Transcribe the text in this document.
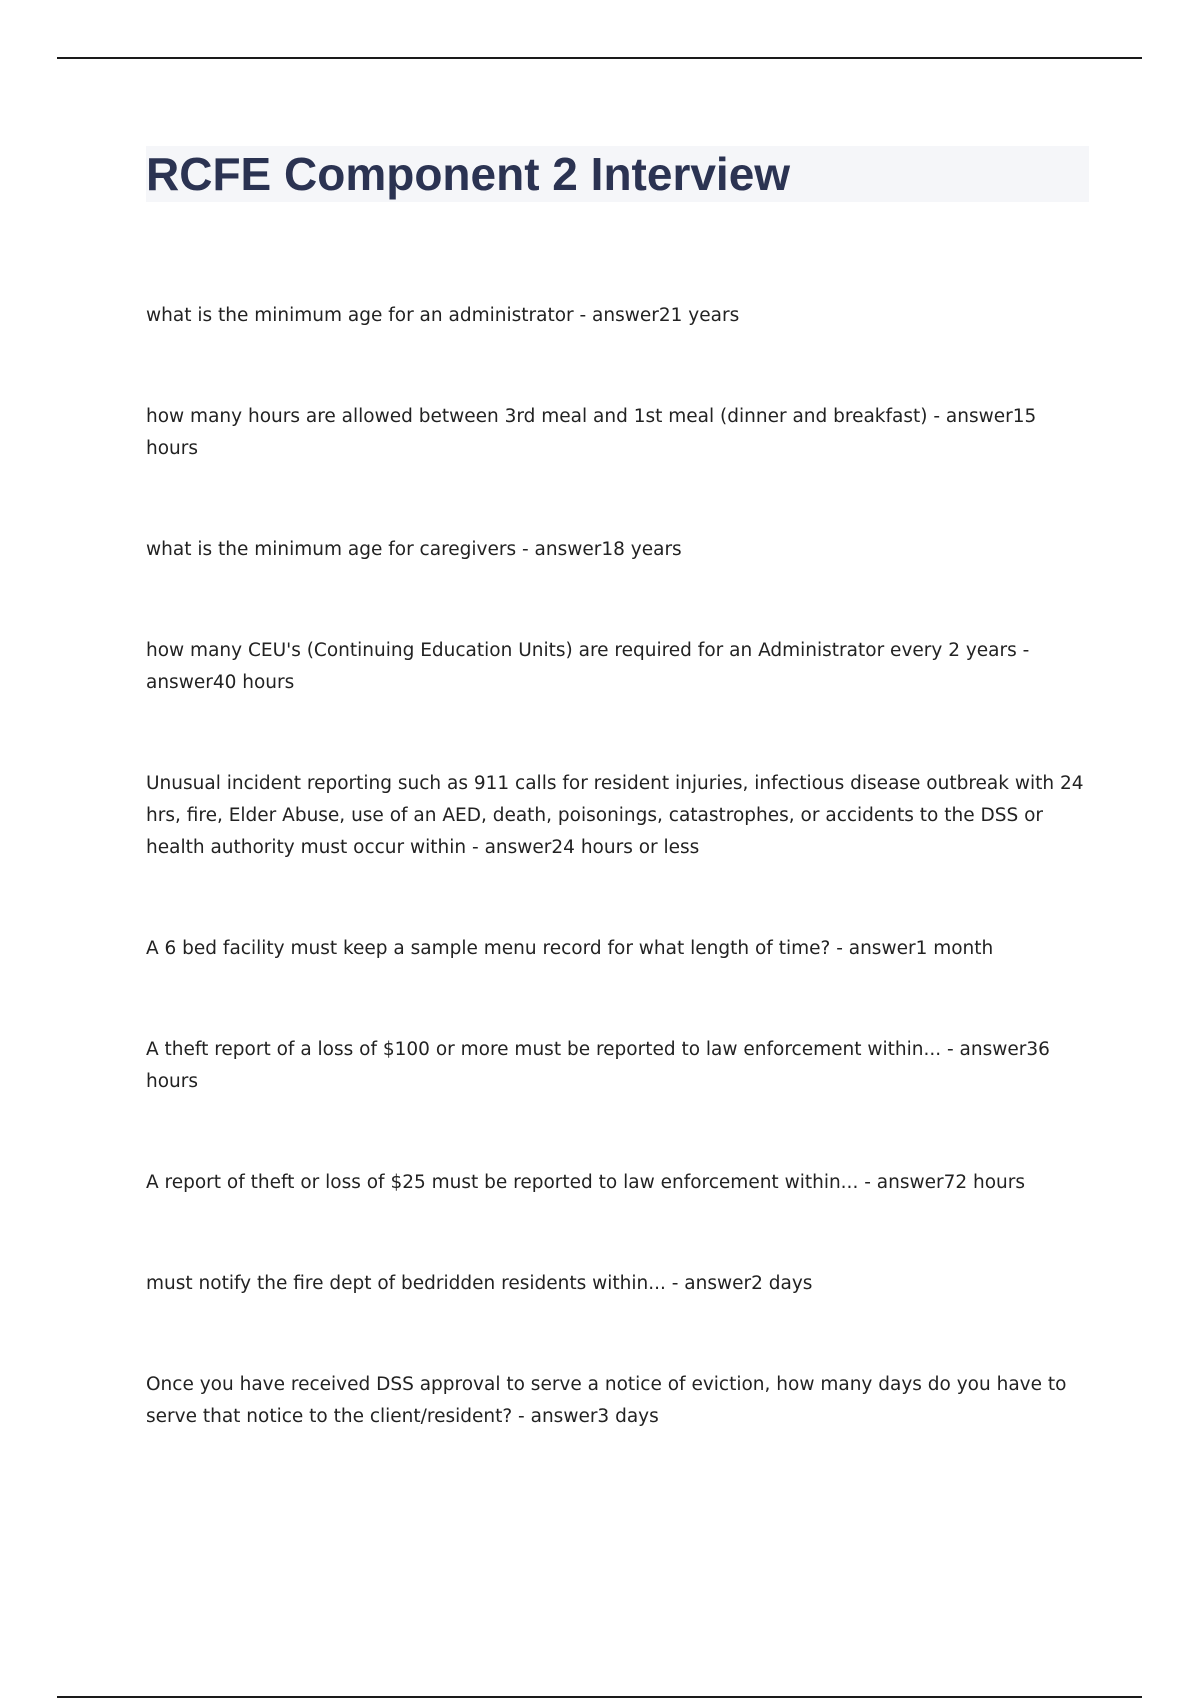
RCFE Component 2 Interview
what is the minimum age for an administrator - answer21 years
how many hours are allowed between 3rd meal and 1st meal (dinner and breakfast) - answer15 hours
what is the minimum age for caregivers - answer18 years
how many CEU's (Continuing Education Units) are required for an Administrator every 2 years - answer40 hours
Unusual incident reporting such as 911 calls for resident injuries, infectious disease outbreak with 24 hrs, fire, Elder Abuse, use of an AED, death, poisonings, catastrophes, or accidents to the DSS or health authority must occur within - answer24 hours or less
A 6 bed facility must keep a sample menu record for what length of time? - answer1 month
A theft report of a loss of $100 or more must be reported to law enforcement within... - answer36 hours
A report of theft or loss of $25 must be reported to law enforcement within... - answer72 hours
must notify the fire dept of bedridden residents within... - answer2 days
Once you have received DSS approval to serve a notice of eviction, how many days do you have to serve that notice to the client/resident? - answer3 days
